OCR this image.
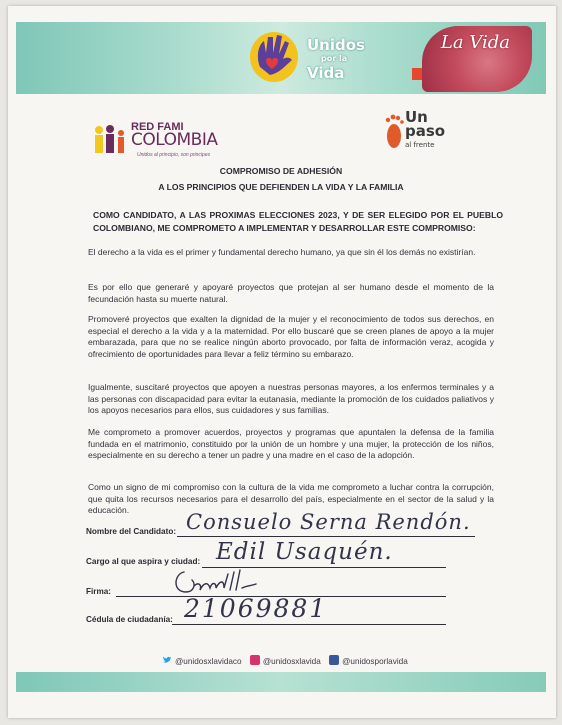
Unidos
por la
Vida
La Vida
RED FAMI
COLOMBIA
Unidos al principio, son principes
Un
paso
al frente
COMPROMISO DE ADHESIÓN
A LOS PRINCIPIOS QUE DEFIENDEN LA VIDA Y LA FAMILIA
COMO CANDIDATO, A LAS PROXIMAS ELECCIONES 2023, Y DE SER ELEGIDO POR EL PUEBLO COLOMBIANO, ME COMPROMETO A IMPLEMENTAR Y DESARROLLAR ESTE COMPROMISO:
El derecho a la vida es el primer y fundamental derecho humano, ya que sin él los demás no existirían.
Es por ello que generaré y apoyaré proyectos que protejan al ser humano desde el momento de la fecundación hasta su muerte natural.
Promoveré proyectos que exalten la dignidad de la mujer y el reconocimiento de todos sus derechos, en especial el derecho a la vida y a la maternidad. Por ello buscaré que se creen planes de apoyo a la mujer embarazada, para que no se realice ningún aborto provocado, por falta de información veraz, acogida y ofrecimiento de oportunidades para llevar a feliz término su embarazo.
Igualmente, suscitaré proyectos que apoyen a nuestras personas mayores, a los enfermos terminales y a las personas con discapacidad para evitar la eutanasia, mediante la promoción de los cuidados paliativos y los apoyos necesarios para ellos, sus cuidadores y sus familias.
Me comprometo a promover acuerdos, proyectos y programas que apuntalen la defensa de la familia fundada en el matrimonio, constituido por la unión de un hombre y una mujer, la protección de los niños, especialmente en su derecho a tener un padre y una madre en el caso de la adopción.
Como un signo de mi compromiso con la cultura de la vida me comprometo a luchar contra la corrupción, que quita los recursos necesarios para el desarrollo del país, especialmente en el sector de la salud y la educación.
Nombre del Candidato: Consuelo Serna Rendón.
Cargo al que aspira y ciudad: Edil Usaquén.
Firma:
Cédula de ciudadanía: 21069881
@unidosxlavidaco	@unidosxlavida	@unidosporlavida
